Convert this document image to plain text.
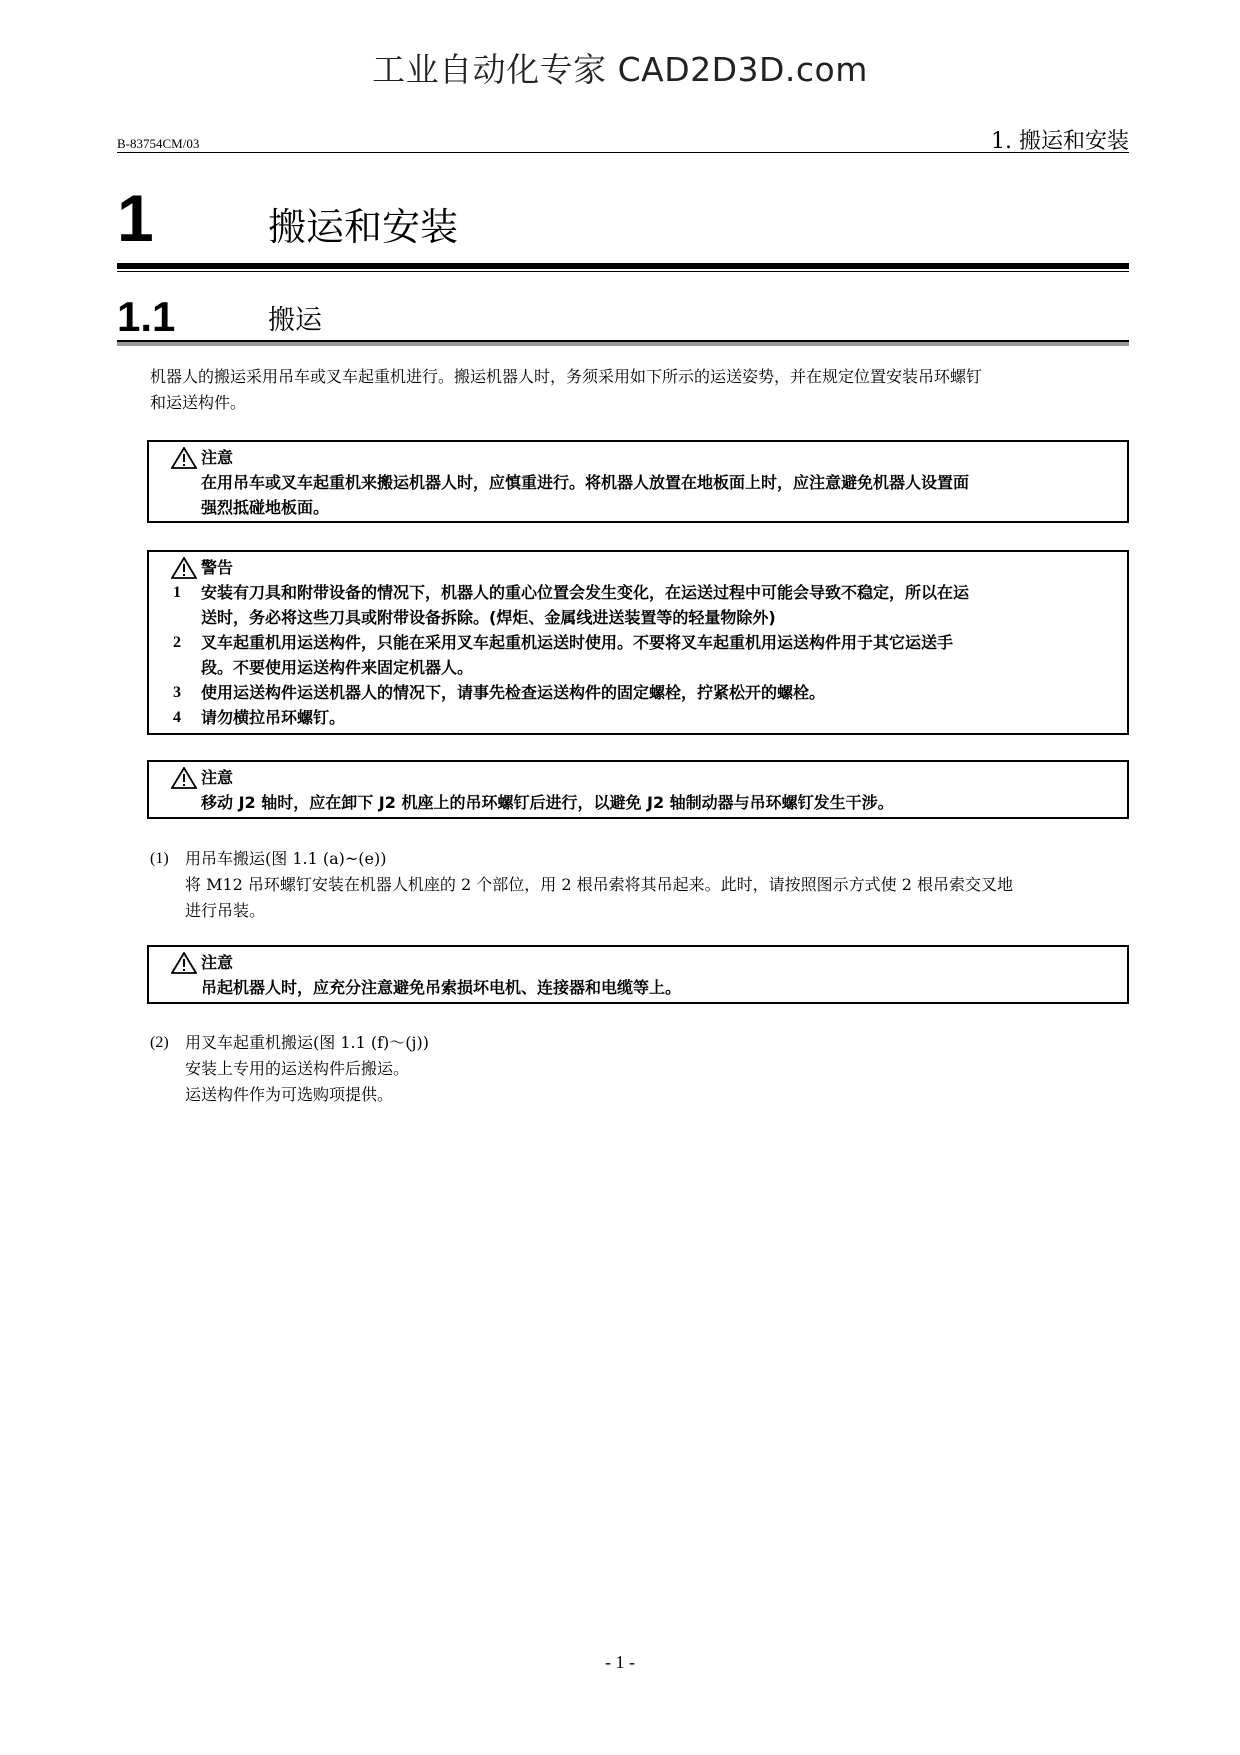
工业自动化专家 CAD2D3D.com
B-83754CM/03	1. 搬运和安装
1	搬运和安装
1.1	搬运

机器人的搬运采用吊车或叉车起重机进行。搬运机器人时，务须采用如下所示的运送姿势，并在规定位置安装吊环螺钉

和运送构件。

注意

在用吊车或叉车起重机来搬运机器人时，应慎重进行。将机器人放置在地板面上时，应注意避免机器人设置面

强烈抵碰地板面。

警告
1 安装有刀具和附带设备的情况下，机器人的重心位置会发生变化，在运送过程中可能会导致不稳定，所以在运

送时，务必将这些刀具或附带设备拆除。(焊炬、金属线进送装置等的轻量物除外)

2 叉车起重机用运送构件，只能在采用叉车起重机运送时使用。不要将叉车起重机用运送构件用于其它运送手

段。不要使用运送构件来固定机器人。

3 使用运送构件运送机器人的情况下，请事先检查运送构件的固定螺栓，拧紧松开的螺栓。

4 请勿横拉吊环螺钉。

注意

移动 J2 轴时，应在卸下 J2 机座上的吊环螺钉后进行，以避免 J2 轴制动器与吊环螺钉发生干涉。

(1) 用吊车搬运(图 1.1 (a)~(e))

将 M12 吊环螺钉安装在机器人机座的 2 个部位，用 2 根吊索将其吊起来。此时，请按照图示方式使 2 根吊索交叉地

进行吊装。

注意

吊起机器人时，应充分注意避免吊索损坏电机、连接器和电缆等上。

(2) 用叉车起重机搬运(图 1.1 (f)～(j))

安装上专用的运送构件后搬运。

运送构件作为可选购项提供。

- 1 -
